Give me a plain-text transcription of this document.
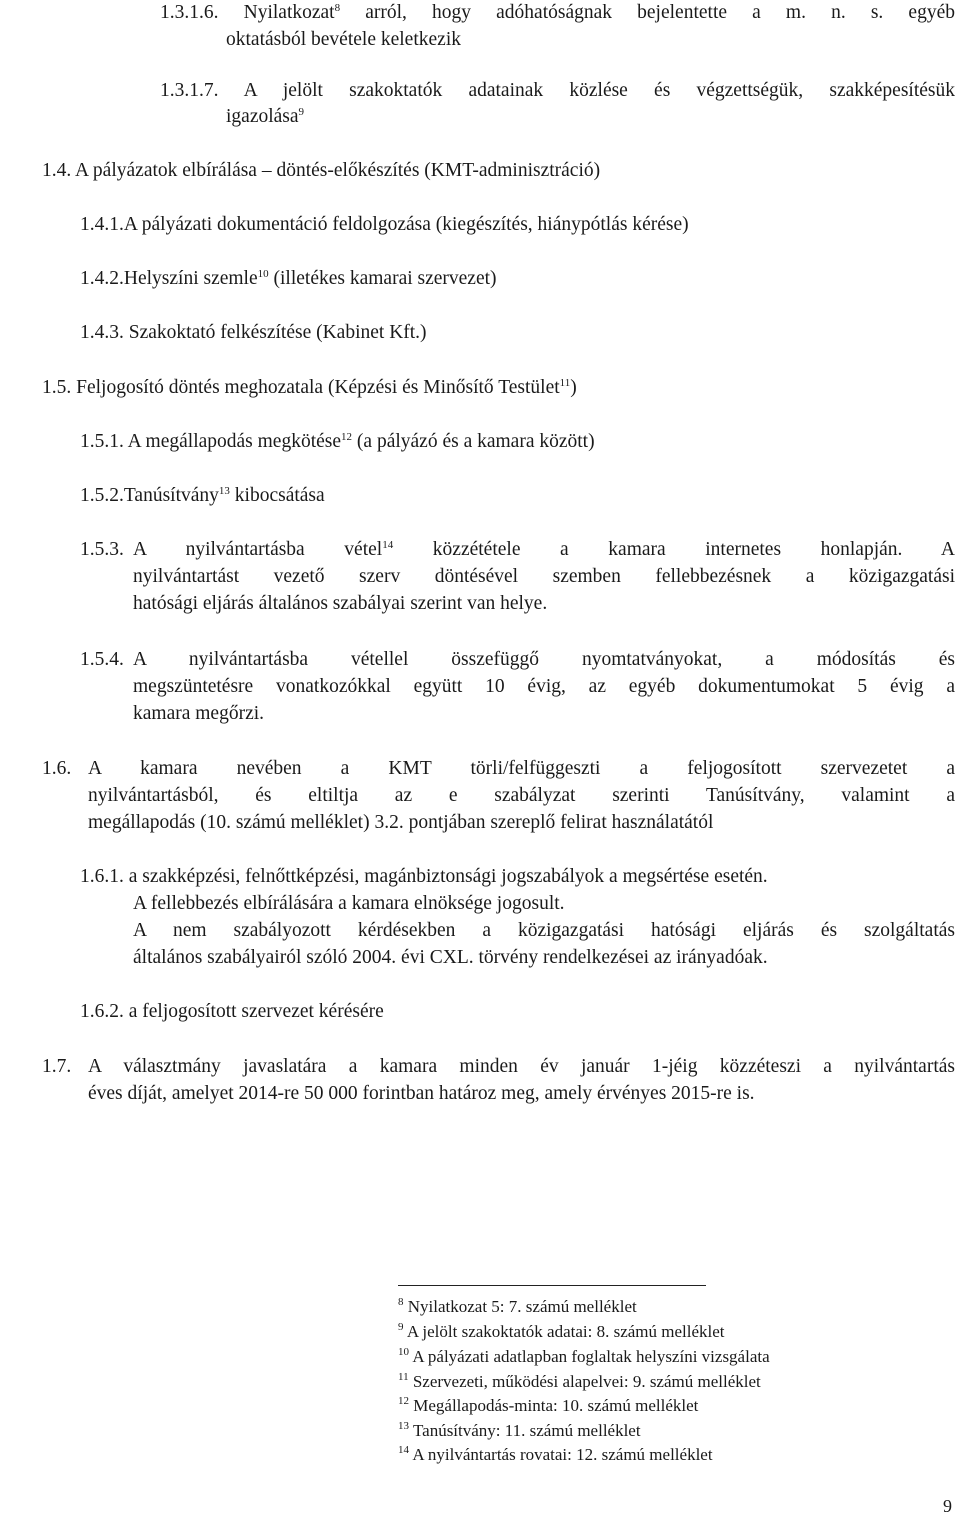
1.3.1.6. Nyilatkozat$^8$ arról, hogy adóhatóságnak bejelentette a m. n. s. egyéb
oktatásból bevétele keletkezik
1.3.1.7. A jelölt szakoktatók adatainak közlése és végzettségük, szakképesítésük
igazolása$^9$
1.4. A pályázatok elbírálása – döntés-előkészítés (KMT-adminisztráció)
1.4.1.A pályázati dokumentáció feldolgozása (kiegészítés, hiánypótlás kérése)
1.4.2.Helyszíni szemle$^{10}$ (illetékes kamarai szervezet)
1.4.3. Szakoktató felkészítése (Kabinet Kft.)
1.5. Feljogosító döntés meghozatala (Képzési és Minősítő Testület$^{11}$)
1.5.1. A megállapodás megkötése$^{12}$ (a pályázó és a kamara között)
1.5.2.Tanúsítvány$^{13}$ kibocsátása
1.5.3. A nyilvántartásba vétel$^{14}$ közzététele a kamara internetes honlapján. A
nyilvántartást vezető szerv döntésével szemben fellebbezésnek a közigazgatási
hatósági eljárás általános szabályai szerint van helye.
1.5.4. A nyilvántartásba vétellel összefüggő nyomtatványokat, a módosítás és
megszüntetésre vonatkozókkal együtt 10 évig, az egyéb dokumentumokat 5 évig a
kamara megőrzi.
1.6. A kamara nevében a KMT törli/felfüggeszti a feljogosított szervezetet a
nyilvántartásból, és eltiltja az e szabályzat szerinti Tanúsítvány, valamint a
megállapodás (10. számú melléklet) 3.2. pontjában szereplő felirat használatától
1.6.1. a szakképzési, felnőttképzési, magánbiztonsági jogszabályok a megsértése esetén.
A fellebbezés elbírálására a kamara elnöksége jogosult.
A nem szabályozott kérdésekben a közigazgatási hatósági eljárás és szolgáltatás
általános szabályairól szóló 2004. évi CXL. törvény rendelkezései az irányadóak.
1.6.2. a feljogosított szervezet kérésére
1.7. A választmány javaslatára a kamara minden év január 1-jéig közzéteszi a nyilvántartás
éves díját, amelyet 2014-re 50 000 forintban határoz meg, amely érvényes 2015-re is.
$^8$ Nyilatkozat 5: 7. számú melléklet
$^9$ A jelölt szakoktatók adatai: 8. számú melléklet
$^{10}$ A pályázati adatlapban foglaltak helyszíni vizsgálata
$^{11}$ Szervezeti, működési alapelvei: 9. számú melléklet
$^{12}$ Megállapodás-minta: 10. számú melléklet
$^{13}$ Tanúsítvány: 11. számú melléklet
$^{14}$ A nyilvántartás rovatai: 12. számú melléklet
9
